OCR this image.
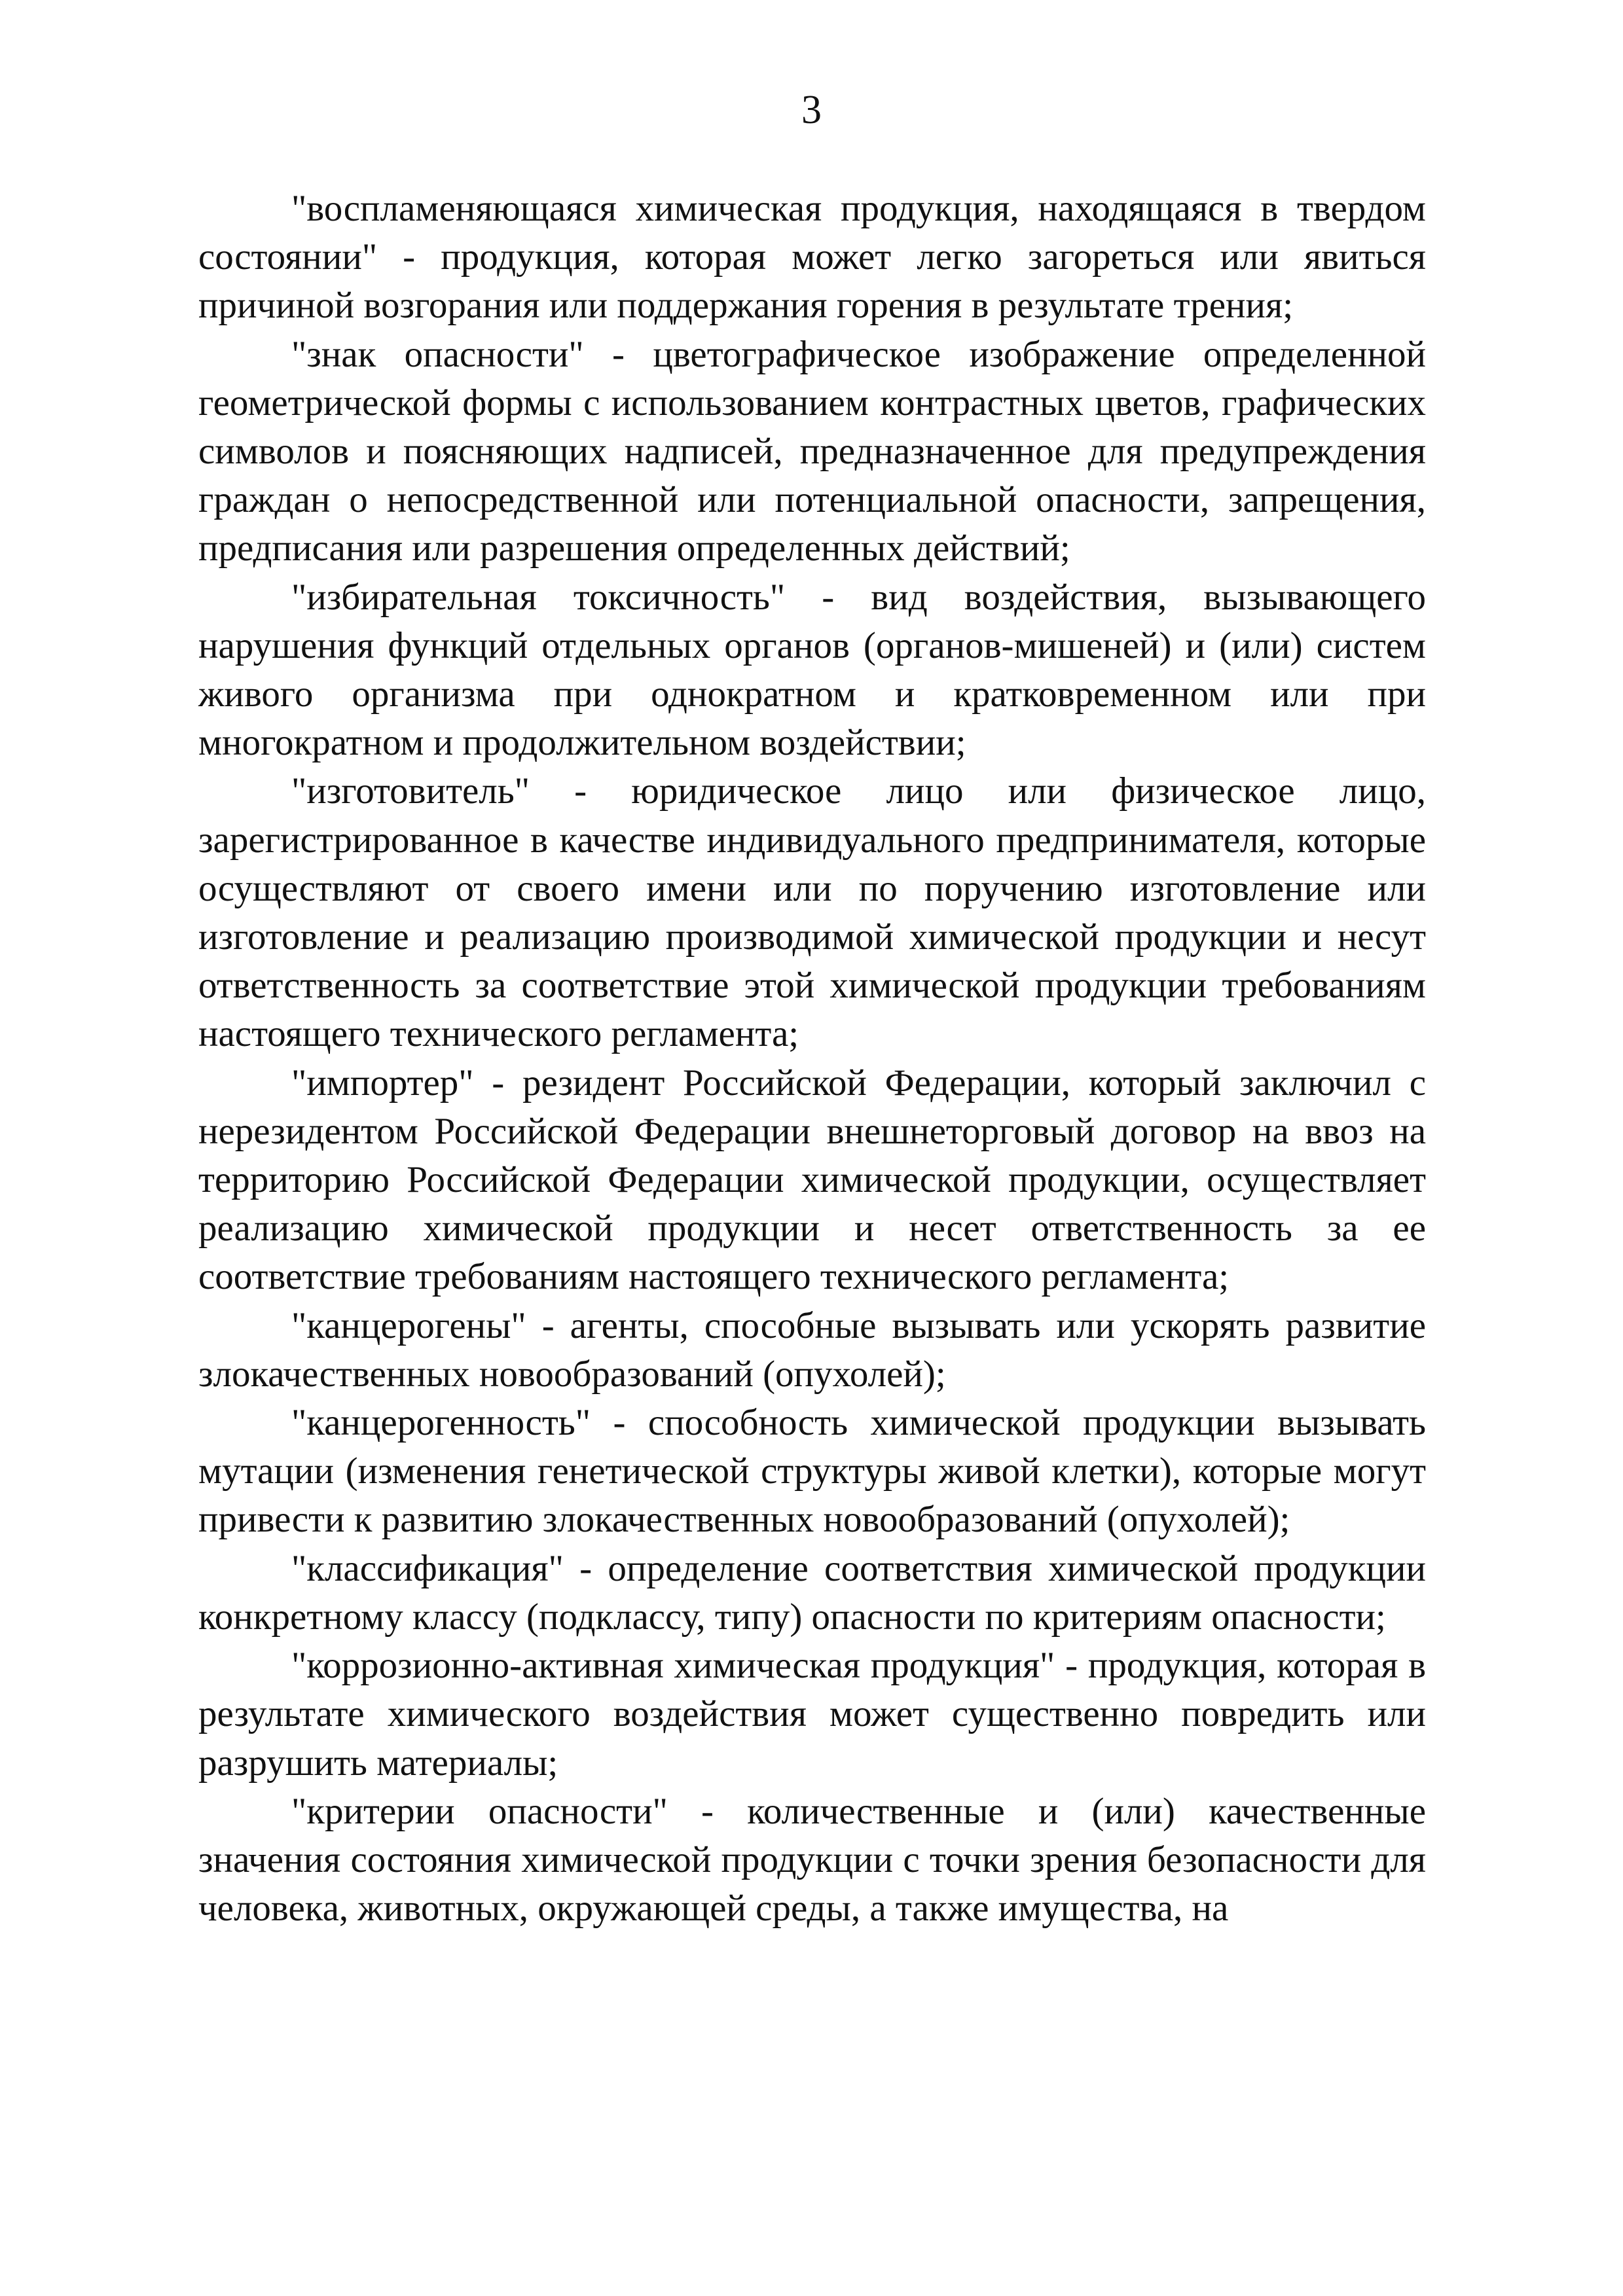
3

"воспламеняющаяся химическая продукция, находящаяся в твердом состоянии" - продукция, которая может легко загореться или явиться причиной возгорания или поддержания горения в результате трения;

"знак опасности" - цветографическое изображение определенной геометрической формы с использованием контрастных цветов, графических символов и поясняющих надписей, предназначенное для предупреждения граждан о непосредственной или потенциальной опасности, запрещения, предписания или разрешения определенных действий;

"избирательная токсичность" - вид воздействия, вызывающего нарушения функций отдельных органов (органов-мишеней) и (или) систем живого организма при однократном и кратковременном или при многократном и продолжительном воздействии;

"изготовитель" - юридическое лицо или физическое лицо, зарегистрированное в качестве индивидуального предпринимателя, которые осуществляют от своего имени или по поручению изготовление или изготовление и реализацию производимой химической продукции и несут ответственность за соответствие этой химической продукции требованиям настоящего технического регламента;

"импортер" - резидент Российской Федерации, который заключил с нерезидентом Российской Федерации внешнеторговый договор на ввоз на территорию Российской Федерации химической продукции, осуществляет реализацию химической продукции и несет ответственность за ее соответствие требованиям настоящего технического регламента;

"канцерогены" - агенты, способные вызывать или ускорять развитие злокачественных новообразований (опухолей);

"канцерогенность" - способность химической продукции вызывать мутации (изменения генетической структуры живой клетки), которые могут привести к развитию злокачественных новообразований (опухолей);

"классификация" - определение соответствия химической продукции конкретному классу (подклассу, типу) опасности по критериям опасности;

"коррозионно-активная химическая продукция" - продукция, которая в результате химического воздействия может существенно повредить или разрушить материалы;

"критерии опасности" - количественные и (или) качественные значения состояния химической продукции с точки зрения безопасности для человека, животных, окружающей среды, а также имущества, на
